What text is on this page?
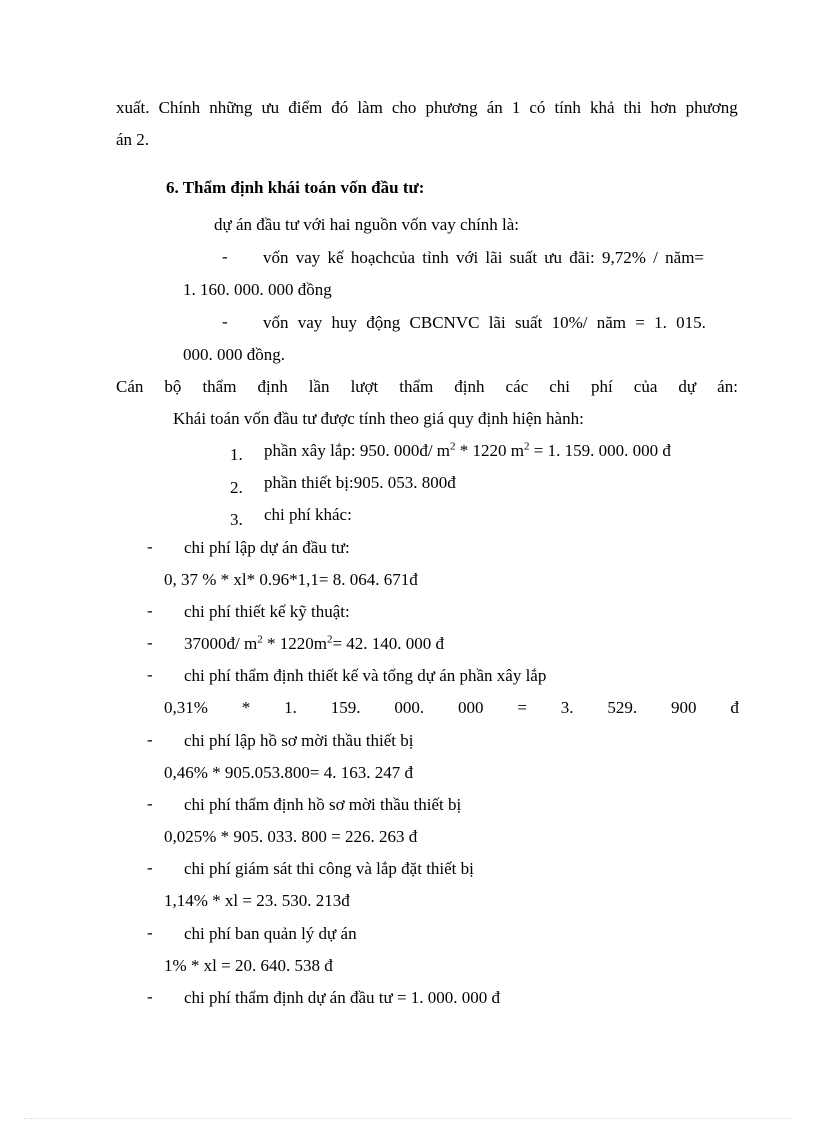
xuất. Chính những ưu điểm đó làm cho phương án 1 có tính khả thi hơn phương
án 2.
6. Thẩm định khái toán vốn đầu tư:
dự án đầu tư với hai nguồn vốn vay chính là:
- vốn vay kế hoạchcủa tỉnh với lãi suất ưu đãi: 9,72% / năm=
1. 160. 000. 000 đồng
- vốn vay huy động CBCNVC lãi suất 10%/ năm = 1. 015.
000. 000 đồng.
Cán bộ thẩm định lần lượt thẩm định các chi phí của dự án:
Khái toán vốn đầu tư được tính theo giá quy định hiện hành:
1. phần xây lắp: 950. 000đ/ $m^2 * 1220$ $m^2 = 1$. 159. 000. 000 đ
2. phần thiết bị:905. 053. 800đ
3. chi phí khác:
- chi phí lập dự án đầu tư:
0, 37 % * xl* 0.96*1,1= 8. 064. 671đ
- chi phí thiết kế kỹ thuật:
- 37000đ/ $m^2 * 1220m^2= 42$. 140. 000 đ
- chi phí thẩm định thiết kế và tổng dự án phần xây lắp
0,31% * 1. 159. 000. 000 = 3. 529. 900 đ
- chi phí lập hồ sơ mời thầu thiết bị
0,46% * 905.053.800= 4. 163. 247 đ
- chi phí thẩm định hồ sơ mời thầu thiết bị
0,025% * 905. 033. 800 = 226. 263 đ
- chi phí giám sát thi công và lắp đặt thiết bị
1,14% * xl = 23. 530. 213đ
- chi phí ban quản lý dự án
1% * xl = 20. 640. 538 đ
- chi phí thẩm định dự án đầu tư = 1. 000. 000 đ
